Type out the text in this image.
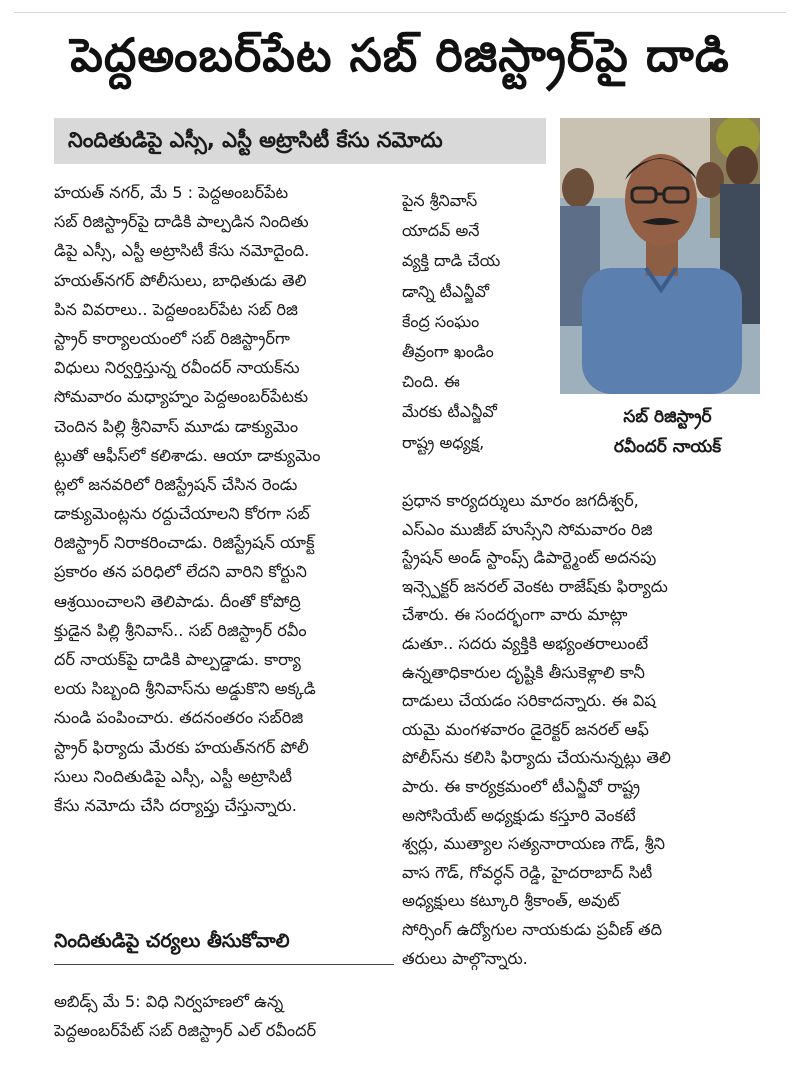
పెద్దఅంబర్‌పేట సబ్ రిజిస్ట్రార్‌పై దాడి
నిందితుడిపై ఎస్సీ, ఎస్టీ అట్రాసిటీ కేసు నమోదు
సబ్ రిజిస్ట్రార్
రవీందర్ నాయక్
హయత్ నగర్, మే 5 : పెద్దఅంబర్‌పేట
సబ్ రిజిస్ట్రార్‌పై దాడికి పాల్పడిన నిందితు
డిపై ఎస్సీ, ఎస్టీ అట్రాసిటీ కేసు నమోదైంది.
హయత్‌నగర్ పోలీసులు, బాధితుడు తెలి
పిన వివరాలు.. పెద్దఅంబర్‌పేట సబ్ రిజి
స్ట్రార్ కార్యాలయంలో సబ్ రిజిస్ట్రార్‌గా
విధులు నిర్వర్తిస్తున్న రవీందర్ నాయక్‌ను
సోమవారం మధ్యాహ్నం పెద్దఅంబర్‌పేటకు
చెందిన పిల్లి శ్రీనివాస్ మూడు డాక్యుమెం
ట్లుతో ఆఫీస్‌లో కలిశాడు. ఆయా డాక్యుమెం
ట్లలో జనవరిలో రిజిస్ట్రేషన్ చేసిన రెండు
డాక్యుమెంట్లను రద్దుచేయాలని కోరగా సబ్
రిజిస్ట్రార్ నిరాకరించాడు. రిజిస్ట్రేషన్ యాక్ట్
ప్రకారం తన పరిధిలో లేదని వారిని కోర్టుని
ఆశ్రయించాలని తెలిపాడు. దీంతో కోపోద్రి
క్తుడైన పిల్లి శ్రీనివాస్.. సబ్ రిజిస్ట్రార్ రవీం
దర్ నాయక్‌పై దాడికి పాల్పడ్డాడు. కార్యా
లయ సిబ్బంది శ్రీనివాస్‌ను అడ్డుకొని అక్కడి
నుండి పంపించారు. తదనంతరం సబ్‌రిజి
స్ట్రార్ ఫిర్యాదు మేరకు హయత్‌నగర్ పోలీ
సులు నిందితుడిపై ఎస్సీ, ఎస్టీ అట్రాసిటీ
కేసు నమోదు చేసి దర్యాప్తు చేస్తున్నారు.
నిందితుడిపై చర్యలు తీసుకోవాలి
అబిడ్స్ మే 5: విధి నిర్వహణలో ఉన్న
పెద్దఅంబర్‌పేట్ సబ్ రిజిస్ట్రార్ ఎల్ రవీందర్
పైన శ్రీనివాస్
యాదవ్ అనే
వ్యక్తి దాడి చేయ
డాన్ని టీఎన్జీవో
కేంద్ర సంఘం
తీవ్రంగా ఖండిం
చింది. ఈ
మేరకు టీఎన్జీవో
రాష్ట్ర అధ్యక్ష,
ప్రధాన కార్యదర్శులు మారం జగదీశ్వర్,
ఎస్ఎం ముజీబ్ హుస్సేని సోమవారం రిజి
స్ట్రేషన్ అండ్ స్టాంప్స్ డిపార్ట్మెంట్ అదనపు
ఇన్స్పెక్టర్ జనరల్ వెంకట రాజేష్‌కు ఫిర్యాదు
చేశారు. ఈ సందర్భంగా వారు మాట్లా
డుతూ.. సదరు వ్యక్తికి అభ్యంతరాలుంటే
ఉన్నతాధికారుల దృష్టికి తీసుకెళ్లాలి కానీ
దాడులు చేయడం సరికాదన్నారు. ఈ విష
యమై మంగళవారం డైరెక్టర్ జనరల్ ఆఫ్
పోలీస్‌ను కలిసి ఫిర్యాదు చేయనున్నట్లు తెలి
పారు. ఈ కార్యక్రమంలో టీఎన్జీవో రాష్ట్ర
అసోసియేట్ అధ్యక్షుడు కస్తూరి వెంకటే
శ్వర్లు, ముత్యాల సత్యనారాయణ గౌడ్, శ్రీని
వాస గౌడ్, గోవర్ధన్ రెడ్డి, హైదరాబాద్ సిటీ
అధ్యక్షులు కట్కూరి శ్రీకాంత్, అవుట్
సోర్సింగ్ ఉద్యోగుల నాయకుడు ప్రవీణ్ తది
తరులు పాల్గొన్నారు.
